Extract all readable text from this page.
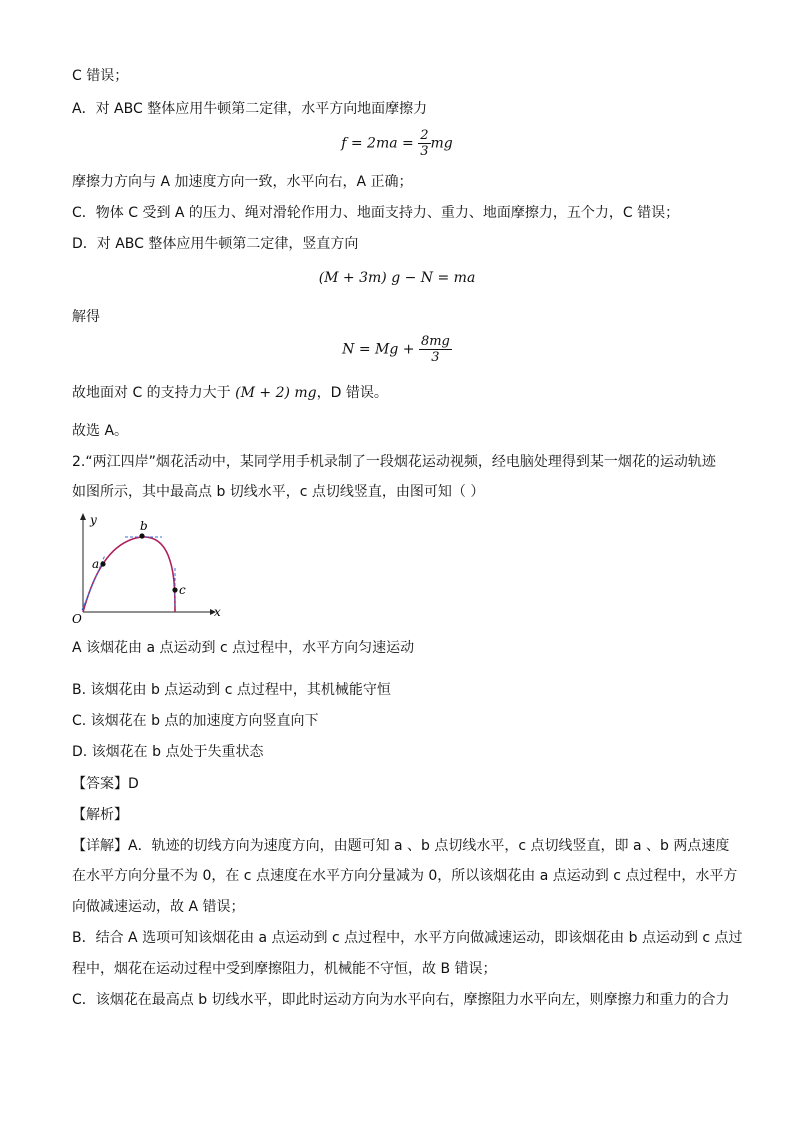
C 错误；
A．对 ABC 整体应用牛顿第二定律，水平方向地面摩擦力
$f = 2ma = \frac{2}{3}$ mg
摩擦力方向与 A 加速度方向一致，水平向右，A 正确；
C．物体 C 受到 A 的压力、绳对滑轮作用力、地面支持力、重力、地面摩擦力，五个力，C 错误；
D．对 ABC 整体应用牛顿第二定律，竖直方向
(M + 3m) g − N = ma
解得
$N = Mg + \frac{8mg}{3}$
故地面对 C 的支持力大于 (M + 2) mg，D 错误。
故选 A。
2.“两江四岸”烟花活动中，某同学用手机录制了一段烟花运动视频，经电脑处理得到某一烟花的运动轨迹
如图所示，其中最高点 b 切线水平，c 点切线竖直，由图可知（ ）
y
x
O
a
b
c
A 该烟花由 a 点运动到 c 点过程中，水平方向匀速运动
B. 该烟花由 b 点运动到 c 点过程中，其机械能守恒
C. 该烟花在 b 点的加速度方向竖直向下
D. 该烟花在 b 点处于失重状态
【答案】D
【解析】
【详解】A．轨迹的切线方向为速度方向，由题可知 a 、b 点切线水平，c 点切线竖直，即 a 、b 两点速度
在水平方向分量不为 0，在 c 点速度在水平方向分量减为 0，所以该烟花由 a 点运动到 c 点过程中，水平方
向做减速运动，故 A 错误；
B．结合 A 选项可知该烟花由 a 点运动到 c 点过程中，水平方向做减速运动，即该烟花由 b 点运动到 c 点过
程中，烟花在运动过程中受到摩擦阻力，机械能不守恒，故 B 错误；
C．该烟花在最高点 b 切线水平，即此时运动方向为水平向右，摩擦阻力水平向左，则摩擦力和重力的合力
